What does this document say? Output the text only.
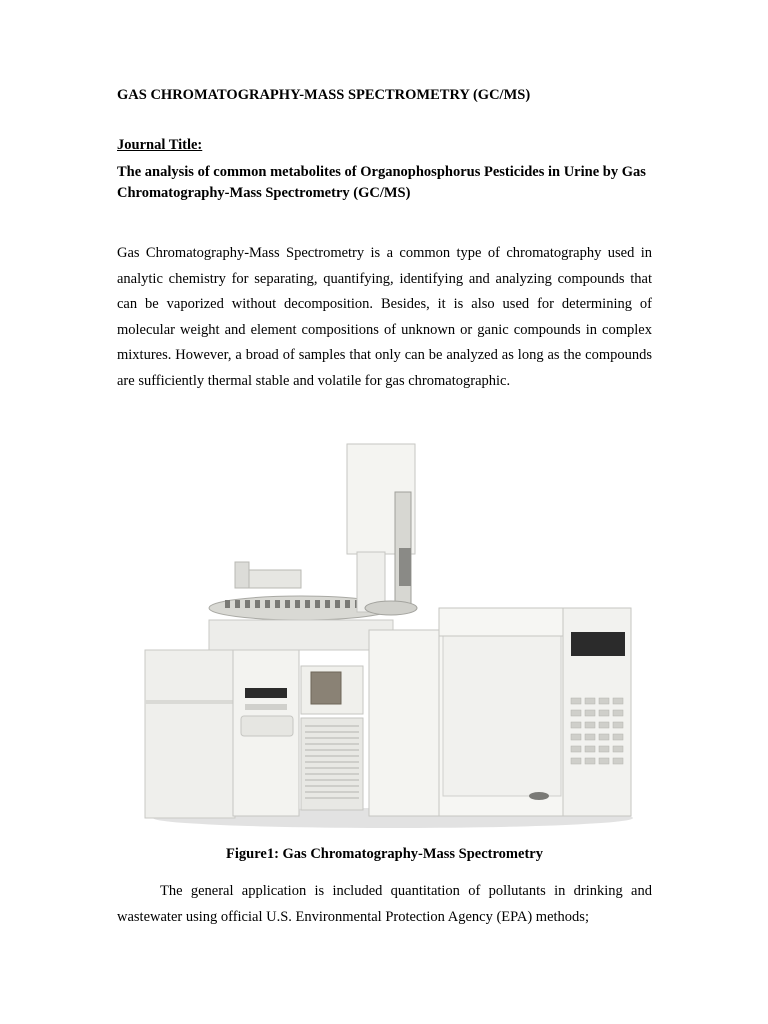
GAS CHROMATOGRAPHY-MASS SPECTROMETRY (GC/MS)

Journal Title:

The analysis of common metabolites of Organophosphorus Pesticides in Urine by Gas Chromatography-Mass Spectrometry (GC/MS)

Gas Chromatography-Mass Spectrometry is a common type of chromatography used in analytic chemistry for separating, quantifying, identifying and analyzing compounds that can be vaporized without decomposition. Besides, it is also used for determining of molecular weight and element compositions of unknown or ganic compounds in complex mixtures. However, a broad of samples that only can be analyzed as long as the compounds are sufficiently thermal stable and volatile for gas chromatographic.

Figure1: Gas Chromatography-Mass Spectrometry

The general application is included quantitation of pollutants in drinking and wastewater using official U.S. Environmental Protection Agency (EPA) methods;
